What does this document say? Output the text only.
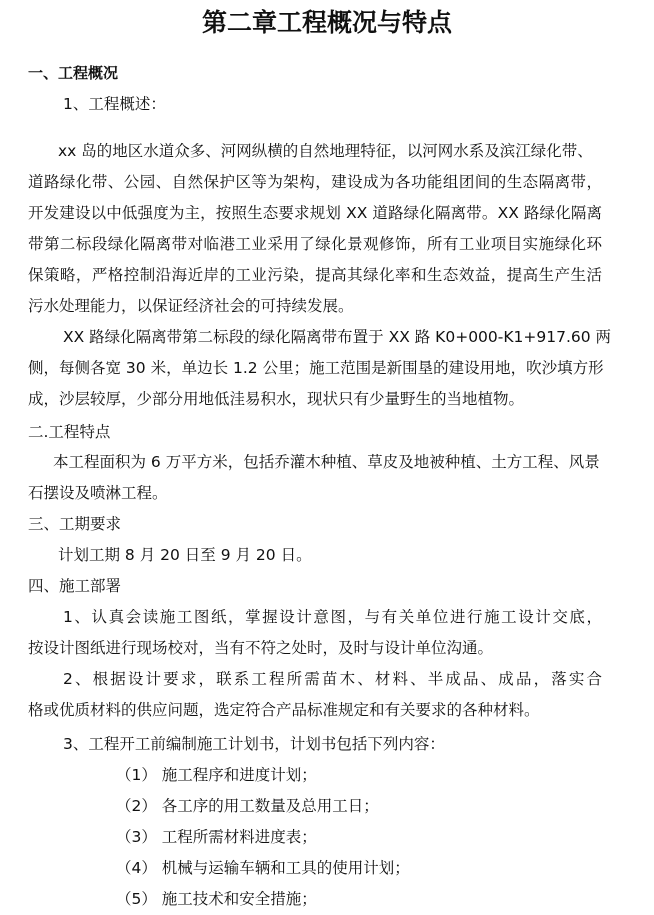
第二章工程概况与特点
一、工程概况
1、工程概述：
xx 岛的地区水道众多、河网纵横的自然地理特征，以河网水系及滨江绿化带、
道路绿化带、公园、自然保护区等为架构，建设成为各功能组团间的生态隔离带，
开发建设以中低强度为主，按照生态要求规划 XX 道路绿化隔离带。XX 路绿化隔离
带第二标段绿化隔离带对临港工业采用了绿化景观修饰，所有工业项目实施绿化环
保策略，严格控制沿海近岸的工业污染，提高其绿化率和生态效益，提高生产生活
污水处理能力，以保证经济社会的可持续发展。
XX 路绿化隔离带第二标段的绿化隔离带布置于 XX 路 K0+000-K1+917.60 两
侧，每侧各宽 30 米，单边长 1.2 公里；施工范围是新围垦的建设用地，吹沙填方形
成，沙层较厚，少部分用地低洼易积水，现状只有少量野生的当地植物。
二.工程特点
本工程面积为 6 万平方米，包括乔灌木种植、草皮及地被种植、土方工程、风景
石摆设及喷淋工程。
三、工期要求
计划工期 8 月 20 日至 9 月 20 日。
四、施工部署
1、认真会读施工图纸，掌握设计意图，与有关单位进行施工设计交底，
按设计图纸进行现场校对，当有不符之处时，及时与设计单位沟通。
2、根据设计要求，联系工程所需苗木、材料、半成品、成品，落实合
格或优质材料的供应问题，选定符合产品标准规定和有关要求的各种材料。
3、工程开工前编制施工计划书，计划书包括下列内容：
（1） 施工程序和进度计划；
（2） 各工序的用工数量及总用工日；
（3） 工程所需材料进度表；
（4） 机械与运输车辆和工具的使用计划；
（5） 施工技术和安全措施；
